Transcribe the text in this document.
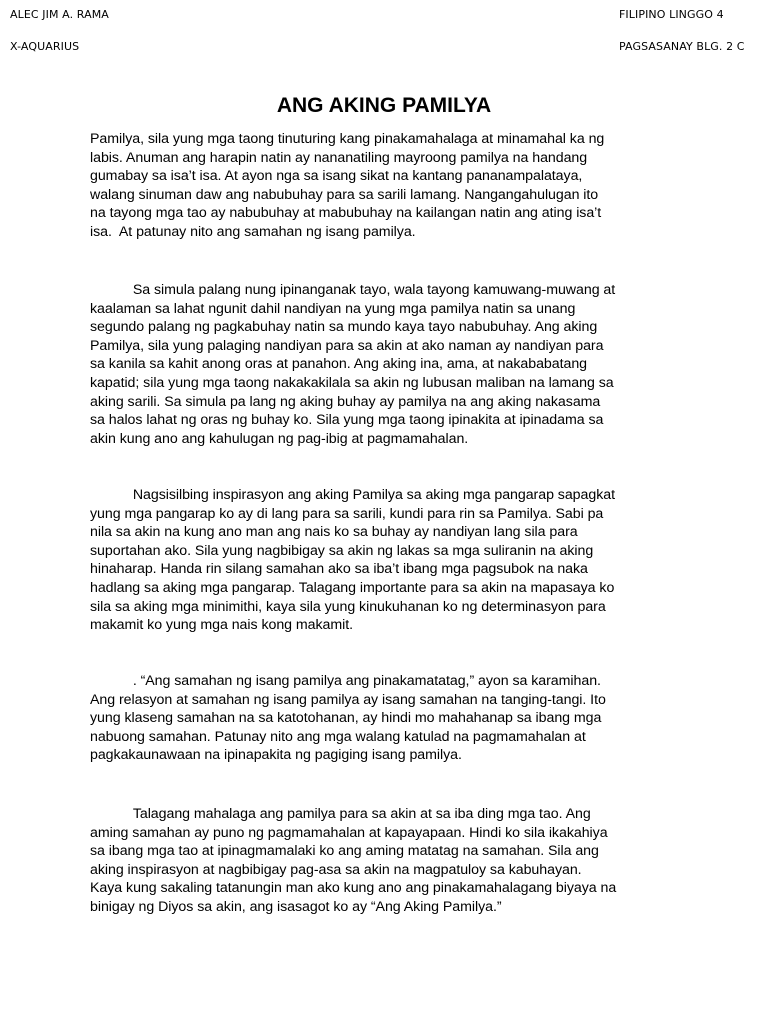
ALEC JIM A. RAMA
X-AQUARIUS
FILIPINO LINGGO 4
PAGSASANAY BLG. 2 C
ANG AKING PAMILYA

Pamilya, sila yung mga taong tinuturing kang pinakamahalaga at minamahal ka ng
labis. Anuman ang harapin natin ay nananatiling mayroong pamilya na handang
gumabay sa isa’t isa. At ayon nga sa isang sikat na kantang pananampalataya,
walang sinuman daw ang nabubuhay para sa sarili lamang. Nangangahulugan ito
na tayong mga tao ay nabubuhay at mabubuhay na kailangan natin ang ating isa’t
isa.  At patunay nito ang samahan ng isang pamilya.

Sa simula palang nung ipinanganak tayo, wala tayong kamuwang-muwang at
kaalaman sa lahat ngunit dahil nandiyan na yung mga pamilya natin sa unang
segundo palang ng pagkabuhay natin sa mundo kaya tayo nabubuhay. Ang aking
Pamilya, sila yung palaging nandiyan para sa akin at ako naman ay nandiyan para
sa kanila sa kahit anong oras at panahon. Ang aking ina, ama, at nakababatang
kapatid; sila yung mga taong nakakakilala sa akin ng lubusan maliban na lamang sa
aking sarili. Sa simula pa lang ng aking buhay ay pamilya na ang aking nakasama
sa halos lahat ng oras ng buhay ko. Sila yung mga taong ipinakita at ipinadama sa
akin kung ano ang kahulugan ng pag-ibig at pagmamahalan.

Nagsisilbing inspirasyon ang aking Pamilya sa aking mga pangarap sapagkat
yung mga pangarap ko ay di lang para sa sarili, kundi para rin sa Pamilya. Sabi pa
nila sa akin na kung ano man ang nais ko sa buhay ay nandiyan lang sila para
suportahan ako. Sila yung nagbibigay sa akin ng lakas sa mga suliranin na aking
hinaharap. Handa rin silang samahan ako sa iba’t ibang mga pagsubok na naka
hadlang sa aking mga pangarap. Talagang importante para sa akin na mapasaya ko
sila sa aking mga minimithi, kaya sila yung kinukuhanan ko ng determinasyon para
makamit ko yung mga nais kong makamit.

. “Ang samahan ng isang pamilya ang pinakamatatag,” ayon sa karamihan.
Ang relasyon at samahan ng isang pamilya ay isang samahan na tanging-tangi. Ito
yung klaseng samahan na sa katotohanan, ay hindi mo mahahanap sa ibang mga
nabuong samahan. Patunay nito ang mga walang katulad na pagmamahalan at
pagkakaunawaan na ipinapakita ng pagiging isang pamilya.

Talagang mahalaga ang pamilya para sa akin at sa iba ding mga tao. Ang
aming samahan ay puno ng pagmamahalan at kapayapaan. Hindi ko sila ikakahiya
sa ibang mga tao at ipinagmamalaki ko ang aming matatag na samahan. Sila ang
aking inspirasyon at nagbibigay pag-asa sa akin na magpatuloy sa kabuhayan.
Kaya kung sakaling tatanungin man ako kung ano ang pinakamahalagang biyaya na
binigay ng Diyos sa akin, ang isasagot ko ay “Ang Aking Pamilya.”
